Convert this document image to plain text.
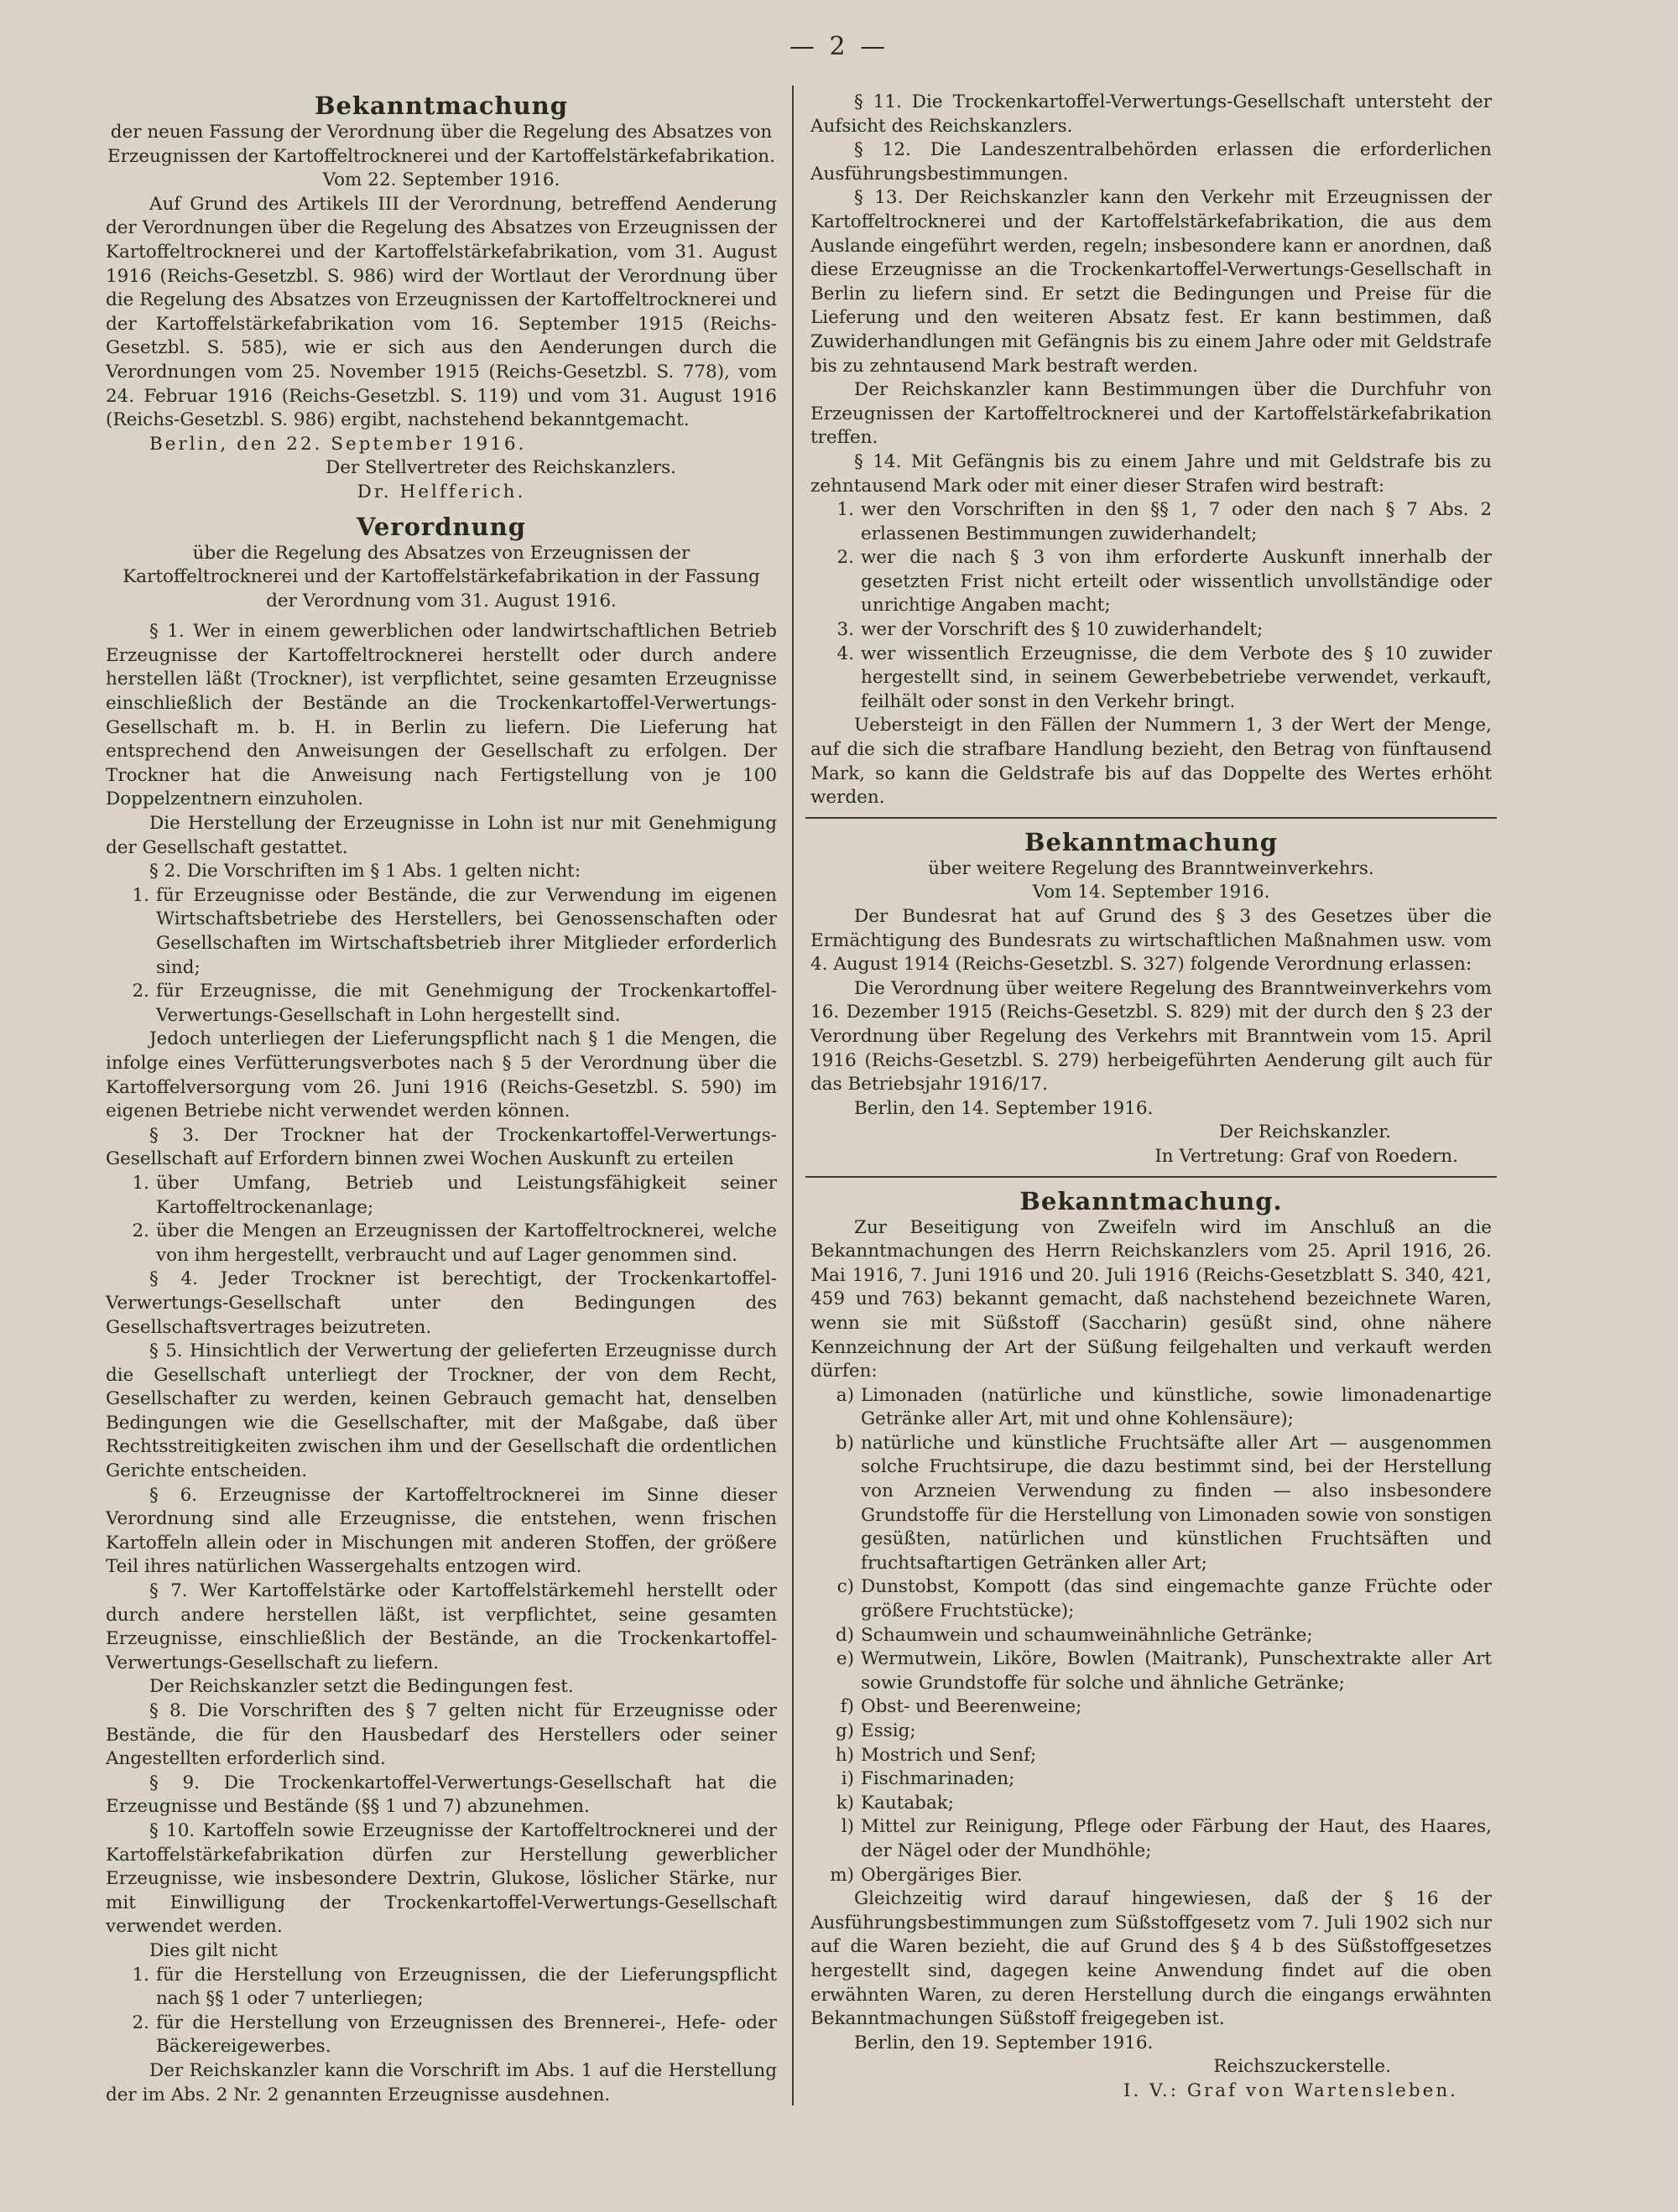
— 2 —
Bekanntmachung

der neuen Fassung der Verordnung über die Regelung des Absatzes von Erzeugnissen der Kartoffeltrocknerei und der Kartoffelstärkefabrikation. Vom 22. September 1916.

Auf Grund des Artikels III der Verordnung, betreffend Aenderung der Verordnungen über die Regelung des Absatzes von Erzeugnissen der Kartoffeltrocknerei und der Kartoffelstärkefabrikation, vom 31. August 1916 (Reichs-Gesetzbl. S. 986) wird der Wortlaut der Verordnung über die Regelung des Absatzes von Erzeugnissen der Kartoffeltrocknerei und der Kartoffelstärkefabrikation vom 16. September 1915 (Reichs-Gesetzbl. S. 585), wie er sich aus den Aenderungen durch die Verordnungen vom 25. November 1915 (Reichs-Gesetzbl. S. 778), vom 24. Februar 1916 (Reichs-Gesetzbl. S. 119) und vom 31. August 1916 (Reichs-Gesetzbl. S. 986) ergibt, nachstehend bekanntgemacht.

Berlin, den 22. September 1916.

Der Stellvertreter des Reichskanzlers.

Dr. Helfferich.

Verordnung

über die Regelung des Absatzes von Erzeugnissen der Kartoffeltrocknerei und der Kartoffelstärkefabrikation in der Fassung der Verordnung vom 31. August 1916.

§ 1. Wer in einem gewerblichen oder landwirtschaftlichen Betrieb Erzeugnisse der Kartoffeltrocknerei herstellt oder durch andere herstellen läßt (Trockner), ist verpflichtet, seine gesamten Erzeugnisse einschließlich der Bestände an die Trockenkartoffel-Verwertungs-Gesellschaft m. b. H. in Berlin zu liefern. Die Lieferung hat entsprechend den Anweisungen der Gesellschaft zu erfolgen. Der Trockner hat die Anweisung nach Fertigstellung von je 100 Doppelzentnern einzuholen.

Die Herstellung der Erzeugnisse in Lohn ist nur mit Genehmigung der Gesellschaft gestattet.

§ 2. Die Vorschriften im § 1 Abs. 1 gelten nicht:

1. für Erzeugnisse oder Bestände, die zur Verwendung im eigenen Wirtschaftsbetriebe des Herstellers, bei Genossenschaften oder Gesellschaften im Wirtschaftsbetrieb ihrer Mitglieder erforderlich sind;
2. für Erzeugnisse, die mit Genehmigung der Trockenkartoffel-Verwertungs-Gesellschaft in Lohn hergestellt sind.

Jedoch unterliegen der Lieferungspflicht nach § 1 die Mengen, die infolge eines Verfütterungsverbotes nach § 5 der Verordnung über die Kartoffelversorgung vom 26. Juni 1916 (Reichs-Gesetzbl. S. 590) im eigenen Betriebe nicht verwendet werden können.

§ 3. Der Trockner hat der Trockenkartoffel-Verwertungs-Gesellschaft auf Erfordern binnen zwei Wochen Auskunft zu erteilen

1. über Umfang, Betrieb und Leistungsfähigkeit seiner Kartoffeltrockenanlage;
2. über die Mengen an Erzeugnissen der Kartoffeltrocknerei, welche von ihm hergestellt, verbraucht und auf Lager genommen sind.

§ 4. Jeder Trockner ist berechtigt, der Trockenkartoffel-Verwertungs-Gesellschaft unter den Bedingungen des Gesellschaftsvertrages beizutreten.

§ 5. Hinsichtlich der Verwertung der gelieferten Erzeugnisse durch die Gesellschaft unterliegt der Trockner, der von dem Recht, Gesellschafter zu werden, keinen Gebrauch gemacht hat, denselben Bedingungen wie die Gesellschafter, mit der Maßgabe, daß über Rechtsstreitigkeiten zwischen ihm und der Gesellschaft die ordentlichen Gerichte entscheiden.

§ 6. Erzeugnisse der Kartoffeltrocknerei im Sinne dieser Verordnung sind alle Erzeugnisse, die entstehen, wenn frischen Kartoffeln allein oder in Mischungen mit anderen Stoffen, der größere Teil ihres natürlichen Wassergehalts entzogen wird.

§ 7. Wer Kartoffelstärke oder Kartoffelstärkemehl herstellt oder durch andere herstellen läßt, ist verpflichtet, seine gesamten Erzeugnisse, einschließlich der Bestände, an die Trockenkartoffel-Verwertungs-Gesellschaft zu liefern.

Der Reichskanzler setzt die Bedingungen fest.

§ 8. Die Vorschriften des § 7 gelten nicht für Erzeugnisse oder Bestände, die für den Hausbedarf des Herstellers oder seiner Angestellten erforderlich sind.

§ 9. Die Trockenkartoffel-Verwertungs-Gesellschaft hat die Erzeugnisse und Bestände (§§ 1 und 7) abzunehmen.

§ 10. Kartoffeln sowie Erzeugnisse der Kartoffeltrocknerei und der Kartoffelstärkefabrikation dürfen zur Herstellung gewerblicher Erzeugnisse, wie insbesondere Dextrin, Glukose, löslicher Stärke, nur mit Einwilligung der Trockenkartoffel-Verwertungs-Gesellschaft verwendet werden.

Dies gilt nicht

1. für die Herstellung von Erzeugnissen, die der Lieferungspflicht nach §§ 1 oder 7 unterliegen;
2. für die Herstellung von Erzeugnissen des Brennerei-, Hefe- oder Bäckereigewerbes.

Der Reichskanzler kann die Vorschrift im Abs. 1 auf die Herstellung der im Abs. 2 Nr. 2 genannten Erzeugnisse ausdehnen.

§ 11. Die Trockenkartoffel-Verwertungs-Gesellschaft untersteht der Aufsicht des Reichskanzlers.

§ 12. Die Landeszentralbehörden erlassen die erforderlichen Ausführungsbestimmungen.

§ 13. Der Reichskanzler kann den Verkehr mit Erzeugnissen der Kartoffeltrocknerei und der Kartoffelstärkefabrikation, die aus dem Auslande eingeführt werden, regeln; insbesondere kann er anordnen, daß diese Erzeugnisse an die Trockenkartoffel-Verwertungs-Gesellschaft in Berlin zu liefern sind. Er setzt die Bedingungen und Preise für die Lieferung und den weiteren Absatz fest. Er kann bestimmen, daß Zuwiderhandlungen mit Gefängnis bis zu einem Jahre oder mit Geldstrafe bis zu zehntausend Mark bestraft werden.

Der Reichskanzler kann Bestimmungen über die Durchfuhr von Erzeugnissen der Kartoffeltrocknerei und der Kartoffelstärkefabrikation treffen.

§ 14. Mit Gefängnis bis zu einem Jahre und mit Geldstrafe bis zu zehntausend Mark oder mit einer dieser Strafen wird bestraft:

1. wer den Vorschriften in den §§ 1, 7 oder den nach § 7 Abs. 2 erlassenen Bestimmungen zuwiderhandelt;
2. wer die nach § 3 von ihm erforderte Auskunft innerhalb der gesetzten Frist nicht erteilt oder wissentlich unvollständige oder unrichtige Angaben macht;
3. wer der Vorschrift des § 10 zuwiderhandelt;
4. wer wissentlich Erzeugnisse, die dem Verbote des § 10 zuwider hergestellt sind, in seinem Gewerbebetriebe verwendet, verkauft, feilhält oder sonst in den Verkehr bringt.

Uebersteigt in den Fällen der Nummern 1, 3 der Wert der Menge, auf die sich die strafbare Handlung bezieht, den Betrag von fünftausend Mark, so kann die Geldstrafe bis auf das Doppelte des Wertes erhöht werden.

Bekanntmachung

über weitere Regelung des Branntweinverkehrs.

Vom 14. September 1916.

Der Bundesrat hat auf Grund des § 3 des Gesetzes über die Ermächtigung des Bundesrats zu wirtschaftlichen Maßnahmen usw. vom 4. August 1914 (Reichs-Gesetzbl. S. 327) folgende Verordnung erlassen:

Die Verordnung über weitere Regelung des Branntweinverkehrs vom 16. Dezember 1915 (Reichs-Gesetzbl. S. 829) mit der durch den § 23 der Verordnung über Regelung des Verkehrs mit Branntwein vom 15. April 1916 (Reichs-Gesetzbl. S. 279) herbeigeführten Aenderung gilt auch für das Betriebsjahr 1916/17.

Berlin, den 14. September 1916.

Der Reichskanzler.

In Vertretung: Graf von Roedern.

Bekanntmachung.

Zur Beseitigung von Zweifeln wird im Anschluß an die Bekanntmachungen des Herrn Reichskanzlers vom 25. April 1916, 26. Mai 1916, 7. Juni 1916 und 20. Juli 1916 (Reichs-Gesetzblatt S. 340, 421, 459 und 763) bekannt gemacht, daß nachstehend bezeichnete Waren, wenn sie mit Süßstoff (Saccharin) gesüßt sind, ohne nähere Kennzeichnung der Art der Süßung feilgehalten und verkauft werden dürfen:

a) Limonaden (natürliche und künstliche, sowie limonadenartige Getränke aller Art, mit und ohne Kohlensäure);
b) natürliche und künstliche Fruchtsäfte aller Art — ausgenommen solche Fruchtsirupe, die dazu bestimmt sind, bei der Herstellung von Arzneien Verwendung zu finden — also insbesondere Grundstoffe für die Herstellung von Limonaden sowie von sonstigen gesüßten, natürlichen und künstlichen Fruchtsäften und fruchtsaftartigen Getränken aller Art;
c) Dunstobst, Kompott (das sind eingemachte ganze Früchte oder größere Fruchtstücke);
d) Schaumwein und schaumweinähnliche Getränke;
e) Wermutwein, Liköre, Bowlen (Maitrank), Punschextrakte aller Art sowie Grundstoffe für solche und ähnliche Getränke;
f) Obst- und Beerenweine;
g) Essig;
h) Mostrich und Senf;
i) Fischmarinaden;
k) Kautabak;
l) Mittel zur Reinigung, Pflege oder Färbung der Haut, des Haares, der Nägel oder der Mundhöhle;
m) Obergäriges Bier.

Gleichzeitig wird darauf hingewiesen, daß der § 16 der Ausführungsbestimmungen zum Süßstoffgesetz vom 7. Juli 1902 sich nur auf die Waren bezieht, die auf Grund des § 4 b des Süßstoffgesetzes hergestellt sind, dagegen keine Anwendung findet auf die oben erwähnten Waren, zu deren Herstellung durch die eingangs erwähnten Bekanntmachungen Süßstoff freigegeben ist.

Berlin, den 19. September 1916.

Reichszuckerstelle.

I. V.: Graf von Wartensleben.
